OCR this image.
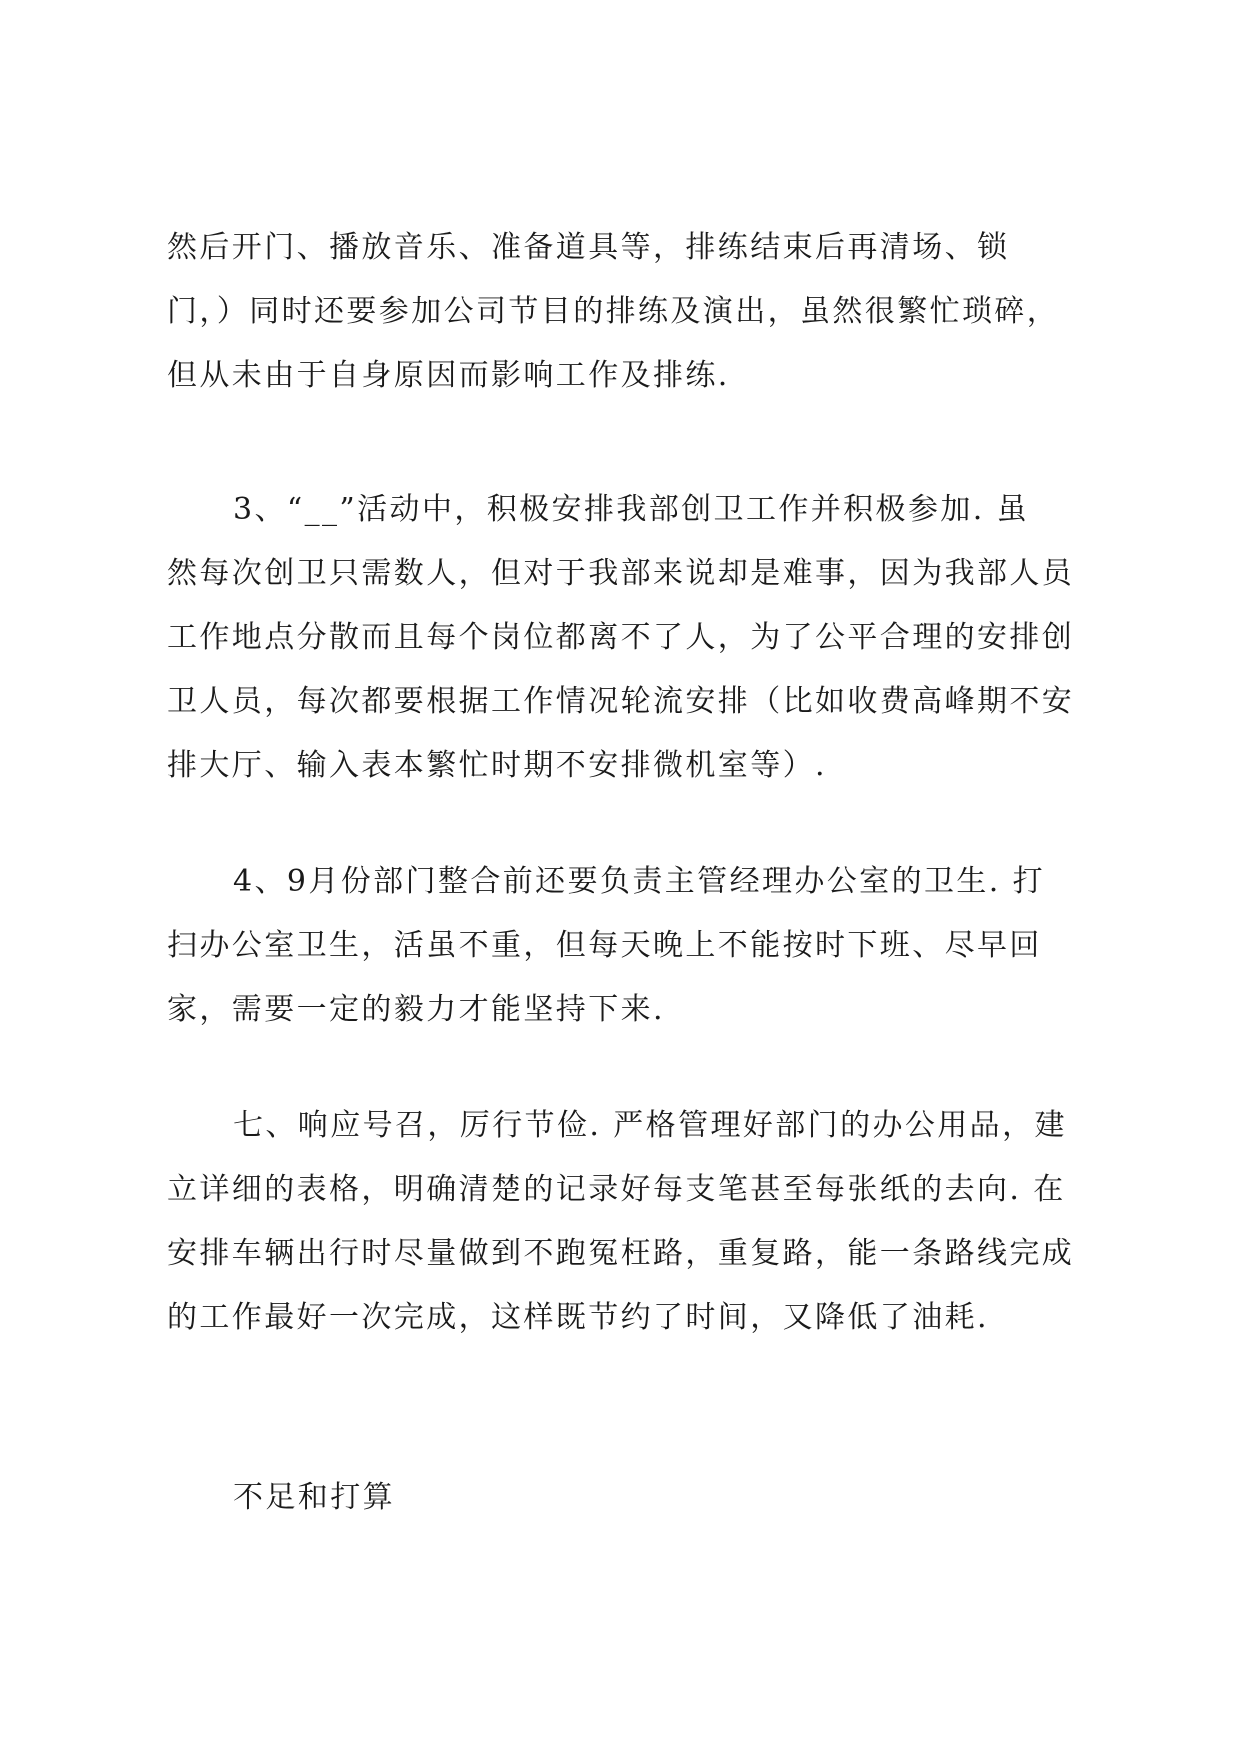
然后开门、播放音乐、准备道具等，排练结束后再清场、锁
门，）同时还要参加公司节目的排练及演出，虽然很繁忙琐碎，
但从未由于自身原因而影响工作及排练.

3、“__”活动中，积极安排我部创卫工作并积极参加. 虽
然每次创卫只需数人，但对于我部来说却是难事，因为我部人员
工作地点分散而且每个岗位都离不了人，为了公平合理的安排创
卫人员，每次都要根据工作情况轮流安排（比如收费高峰期不安
排大厅、输入表本繁忙时期不安排微机室等）.

4、9月份部门整合前还要负责主管经理办公室的卫生. 打
扫办公室卫生，活虽不重，但每天晚上不能按时下班、尽早回
家，需要一定的毅力才能坚持下来.

七、响应号召，厉行节俭. 严格管理好部门的办公用品，建
立详细的表格，明确清楚的记录好每支笔甚至每张纸的去向. 在
安排车辆出行时尽量做到不跑冤枉路，重复路，能一条路线完成
的工作最好一次完成，这样既节约了时间，又降低了油耗.

不足和打算
